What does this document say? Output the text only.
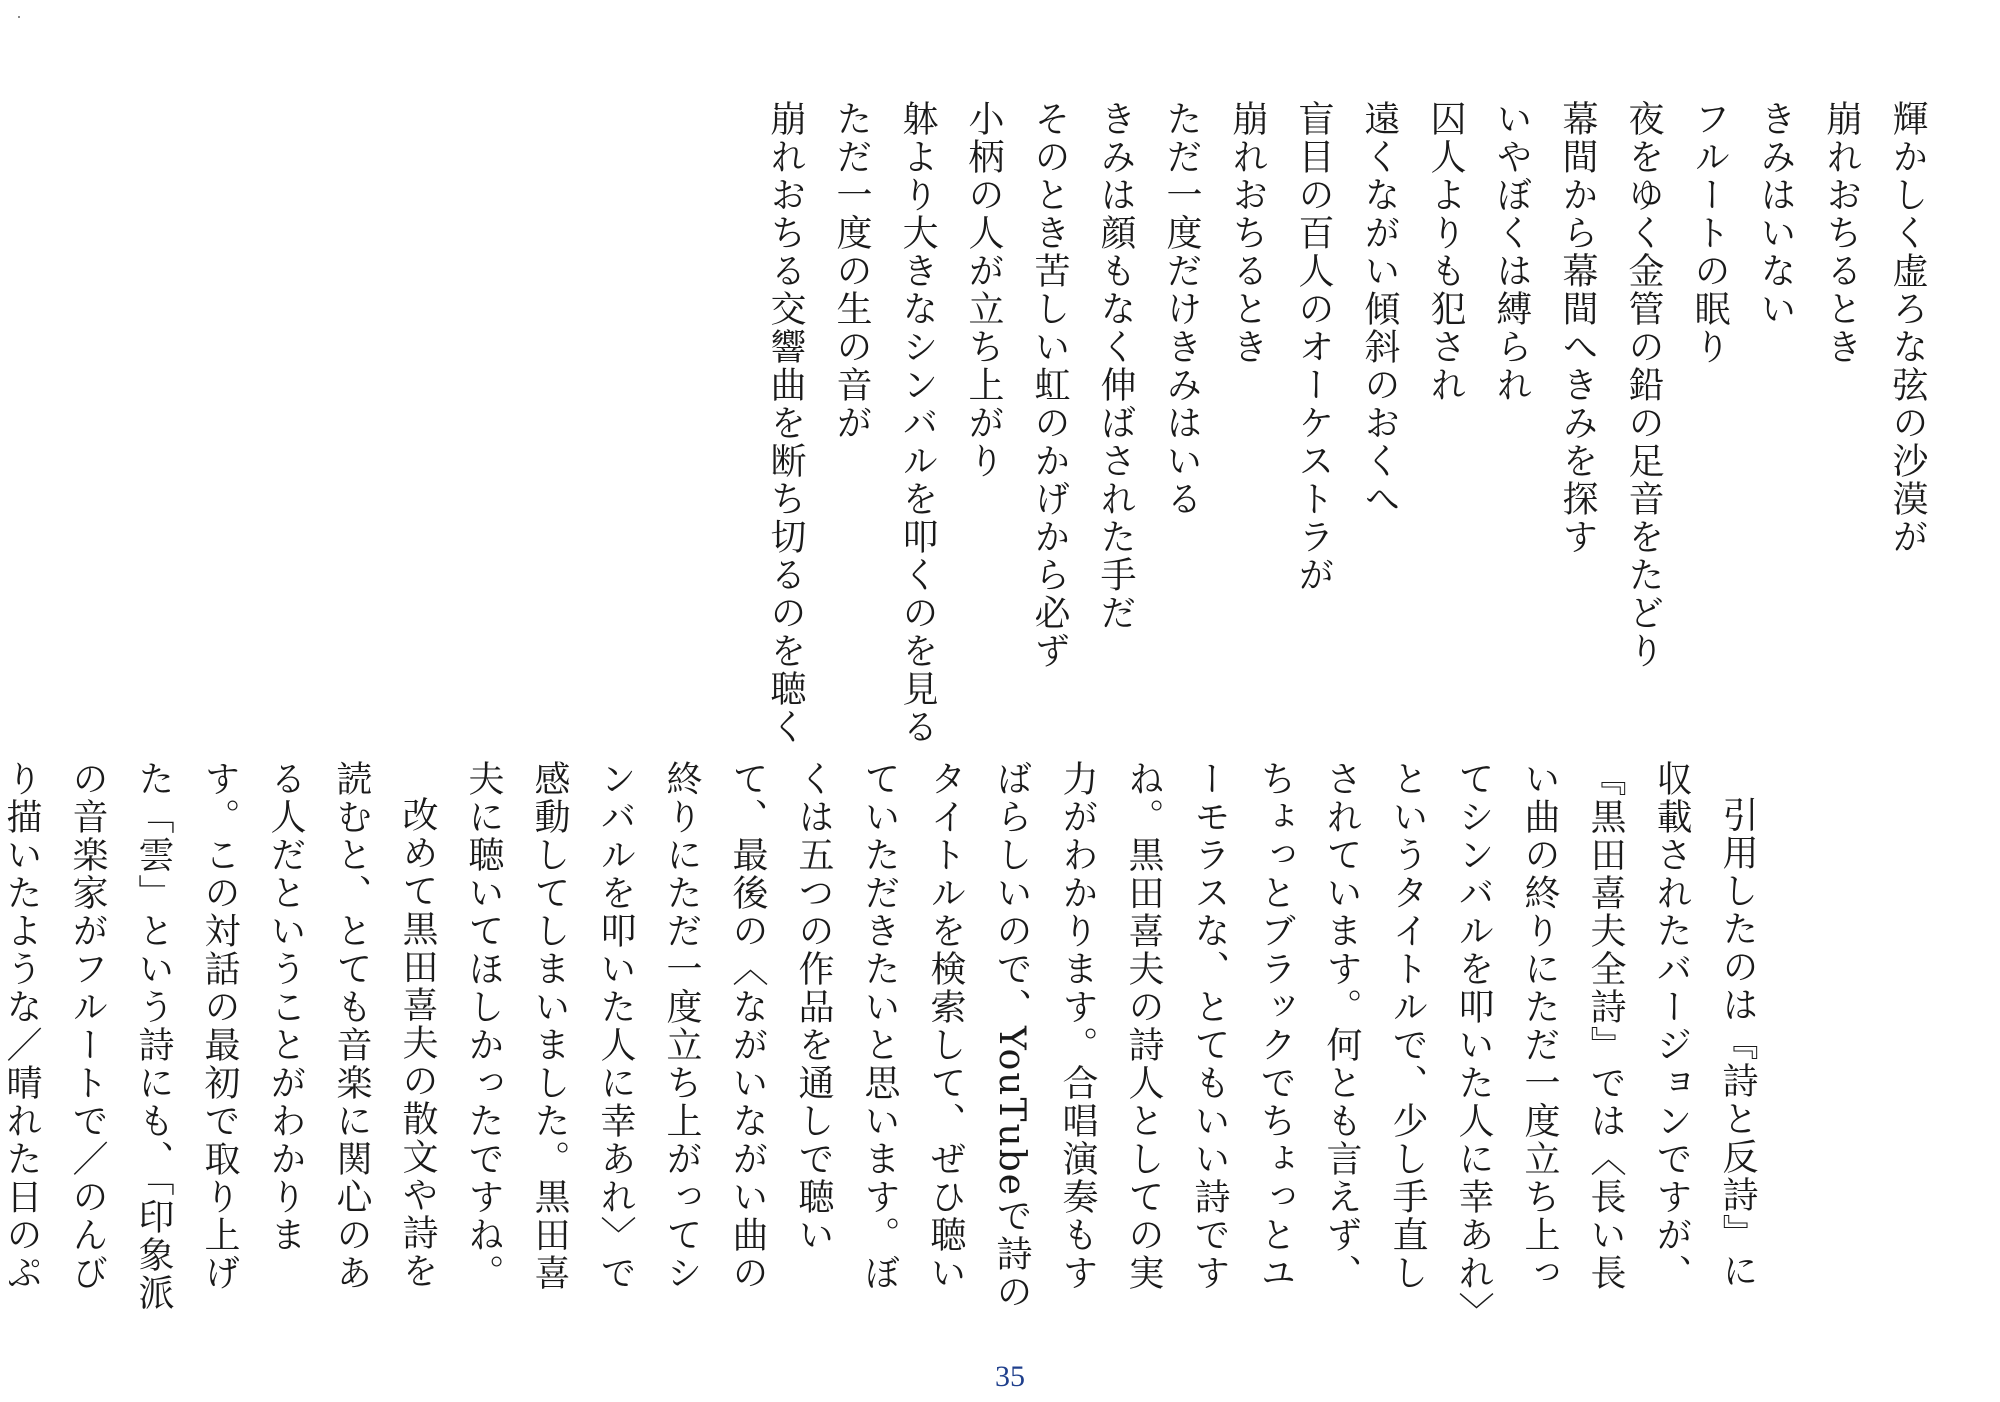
輝かしく虚ろな弦の沙漠が
崩れおちるとき
きみはいない
フルートの眠り
夜をゆく金管の鉛の足音をたどり
幕間から幕間へきみを探す
いやぼくは縛られ
囚人よりも犯され
遠くながい傾斜のおくへ
盲目の百人のオーケストラが
崩れおちるとき
ただ一度だけきみはいる
きみは顔もなく伸ばされた手だ
そのとき苦しい虹のかげから必ず
小柄の人が立ち上がり
躰より大きなシンバルを叩くのを見る
ただ一度の生の音が
崩れおちる交響曲を断ち切るのを聴く

引用したのは『詩と反詩』に収載されたバージョンですが、『黒田喜夫全詩』では〈長い長い曲の終りにただ一度立ち上ってシンバルを叩いた人に幸あれ〉というタイトルで、少し手直しされています。何とも言えず、ちょっとブラックでちょっとユーモラスな、とてもいい詩ですね。黒田喜夫の詩人としての実力がわかります。合唱演奏もすばらしいので、YouTubeで詩のタイトルを検索して、ぜひ聴いていただきたいと思います。ぼくは五つの作品を通しで聴いて、最後の〈ながいながい曲の終りにただ一度立ち上がってシンバルを叩いた人に幸あれ〉で感動してしまいました。黒田喜夫に聴いてほしかったですね。

改めて黒田喜夫の散文や詩を読むと、とても音楽に関心のある人だということがわかります。この対話の最初で取り上げた「雲」という詩にも、「印象派の音楽家がフルートで／のんびり描いたような／晴れた日のぷ

35
